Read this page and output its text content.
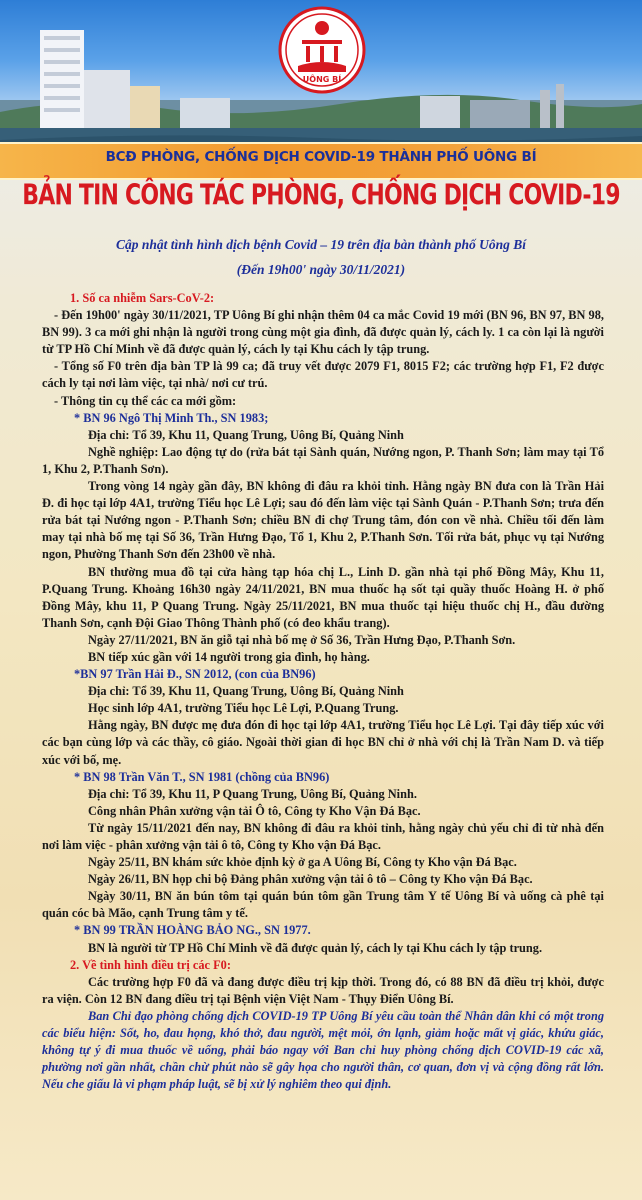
UÔNG BÍ
BCĐ PHÒNG, CHỐNG DỊCH COVID-19 THÀNH PHỐ UÔNG BÍ
BẢN TIN CÔNG TÁC PHÒNG, CHỐNG DỊCH COVID-19
Cập nhật tình hình dịch bệnh Covid – 19 trên địa bàn thành phố Uông Bí
(Đến 19h00' ngày 30/11/2021)

1. Số ca nhiễm Sars-CoV-2:

- Đến 19h00' ngày 30/11/2021, TP Uông Bí ghi nhận thêm 04 ca mắc Covid 19 mới (BN 96, BN 97, BN 98, BN 99). 3 ca mới ghi nhận là người trong cùng một gia đình, đã được quản lý, cách ly. 1 ca còn lại là người từ TP Hồ Chí Minh về đã được quản lý, cách ly tại Khu cách ly tập trung.

- Tổng số F0 trên địa bàn TP là 99 ca; đã truy vết được 2079 F1, 8015 F2; các trường hợp F1, F2 được cách ly tại nơi làm việc, tại nhà/ nơi cư trú.

- Thông tin cụ thể các ca mới gồm:

* BN 96 Ngô Thị Minh Th., SN 1983;

Địa chỉ: Tổ 39, Khu 11, Quang Trung, Uông Bí, Quảng Ninh

Nghề nghiệp: Lao động tự do (rửa bát tại Sành quán, Nướng ngon, P. Thanh Sơn; làm may tại Tổ 1, Khu 2, P.Thanh Sơn).

Trong vòng 14 ngày gần đây, BN không đi đâu ra khỏi tỉnh. Hằng ngày BN đưa con là Trần Hải Đ. đi học tại lớp 4A1, trường Tiểu học Lê Lợi; sau đó đến làm việc tại Sành Quán - P.Thanh Sơn; trưa đến rửa bát tại Nướng ngon - P.Thanh Sơn; chiều BN đi chợ Trung tâm, đón con về nhà. Chiều tối đến làm may tại nhà bố mẹ tại Số 36, Trần Hưng Đạo, Tổ 1, Khu 2, P.Thanh Sơn. Tối rửa bát, phục vụ tại Nướng ngon, Phường Thanh Sơn đến 23h00 về nhà.

BN thường mua đồ tại cửa hàng tạp hóa chị L., Linh D. gần nhà tại phố Đồng Mây, Khu 11, P.Quang Trung. Khoảng 16h30 ngày 24/11/2021, BN mua thuốc hạ sốt tại quầy thuốc Hoàng H. ở phố Đồng Mây, khu 11, P Quang Trung. Ngày 25/11/2021, BN mua thuốc tại hiệu thuốc chị H., đầu đường Thanh Sơn, cạnh Đội Giao Thông Thành phố (có đeo khẩu trang).

Ngày 27/11/2021, BN ăn giỗ tại nhà bố mẹ ở Số 36, Trần Hưng Đạo, P.Thanh Sơn.

BN tiếp xúc gần với 14 người trong gia đình, họ hàng.

*BN 97 Trần Hải Đ., SN 2012, (con của BN96)

Địa chỉ: Tổ 39, Khu 11, Quang Trung, Uông Bí, Quảng Ninh

Học sinh lớp 4A1, trường Tiểu học Lê Lợi, P.Quang Trung.

Hằng ngày, BN được mẹ đưa đón đi học tại lớp 4A1, trường Tiểu học Lê Lợi. Tại đây tiếp xúc với các bạn cùng lớp và các thầy, cô giáo. Ngoài thời gian đi học BN chỉ ở nhà với chị là Trần Nam D. và tiếp xúc với bố, mẹ.

* BN 98 Trần Văn T., SN 1981 (chồng của BN96)

Địa chỉ: Tổ 39, Khu 11, P Quang Trung, Uông Bí, Quảng Ninh.

Công nhân Phân xưởng vận tải Ô tô, Công ty Kho Vận Đá Bạc.

Từ ngày 15/11/2021 đến nay, BN không đi đâu ra khỏi tỉnh, hằng ngày chủ yếu chỉ đi từ nhà đến nơi làm việc - phân xưởng vận tải ô tô, Công ty Kho vận Đá Bạc.

Ngày 25/11, BN khám sức khỏe định kỳ ở ga A Uông Bí, Công ty Kho vận Đá Bạc.

Ngày 26/11, BN họp chi bộ Đảng phân xưởng vận tải ô tô – Công ty Kho vận Đá Bạc.

Ngày 30/11, BN ăn bún tôm tại quán bún tôm gần Trung tâm Y tế Uông Bí và uống cà phê tại quán cóc bà Mão, cạnh Trung tâm y tế.

* BN 99 TRẦN HOÀNG BẢO NG., SN 1977.

BN là người từ TP Hồ Chí Minh về đã được quản lý, cách ly tại Khu cách ly tập trung.

2. Về tình hình điều trị các F0:

Các trường hợp F0 đã và đang được điều trị kịp thời. Trong đó, có 88 BN đã điều trị khỏi, được ra viện. Còn 12 BN đang điều trị tại Bệnh viện Việt Nam - Thụy Điển Uông Bí.

Ban Chỉ đạo phòng chống dịch COVID-19 TP Uông Bí yêu cầu toàn thể Nhân dân khi có một trong các biểu hiện: Sốt, ho, đau họng, khó thở, đau người, mệt mỏi, ớn lạnh, giảm hoặc mất vị giác, khứu giác, không tự ý đi mua thuốc về uống, phải báo ngay với Ban chỉ huy phòng chống dịch COVID-19 các xã, phường nơi gần nhất, chần chừ phút nào sẽ gây họa cho người thân, cơ quan, đơn vị và cộng đồng rất lớn. Nếu che giấu là vi phạm pháp luật, sẽ bị xử lý nghiêm theo qui định.
